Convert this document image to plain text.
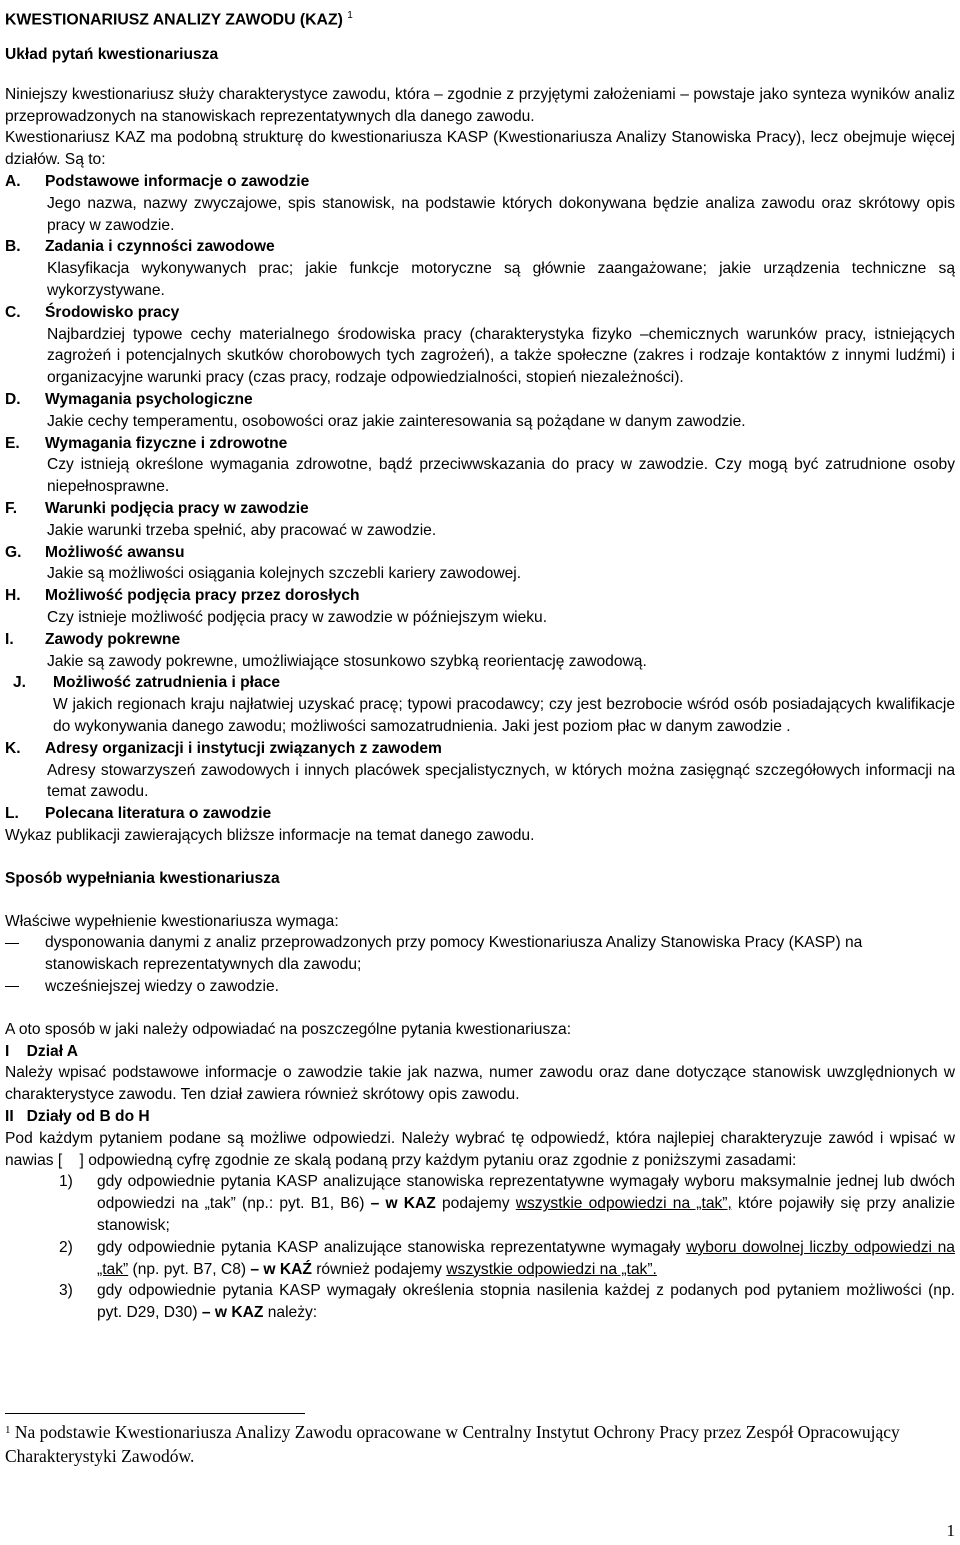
KWESTIONARIUSZ ANALIZY ZAWODU (KAZ) $^1$
Układ pytań kwestionariusza
Niniejszy kwestionariusz służy charakterystyce zawodu, która – zgodnie z przyjętymi założeniami – powstaje jako synteza wyników analiz przeprowadzonych na stanowiskach reprezentatywnych dla danego zawodu.
Kwestionariusz KAZ ma podobną strukturę do kwestionariusza KASP (Kwestionariusza Analizy Stanowiska Pracy), lecz obejmuje więcej działów. Są to:
A.	Podstawowe informacje o zawodzie
Jego nazwa, nazwy zwyczajowe, spis stanowisk, na podstawie których dokonywana będzie analiza zawodu oraz skrótowy opis pracy w zawodzie.
B.	Zadania i czynności zawodowe
Klasyfikacja wykonywanych prac; jakie funkcje motoryczne są głównie zaangażowane; jakie urządzenia techniczne są wykorzystywane.
C.	Środowisko pracy
Najbardziej typowe cechy materialnego środowiska pracy (charakterystyka fizyko –chemicznych warunków pracy, istniejących zagrożeń i potencjalnych skutków chorobowych tych zagrożeń), a także społeczne (zakres i rodzaje kontaktów z innymi ludźmi) i organizacyjne warunki pracy (czas pracy, rodzaje odpowiedzialności, stopień niezależności).
D.	Wymagania psychologiczne
Jakie cechy temperamentu, osobowości oraz jakie zainteresowania są pożądane w danym zawodzie.
E.	Wymagania fizyczne i zdrowotne
Czy istnieją określone wymagania zdrowotne, bądź przeciwwskazania do pracy w zawodzie. Czy mogą być zatrudnione osoby niepełnosprawne.
F.	Warunki podjęcia pracy w zawodzie
Jakie warunki trzeba spełnić, aby pracować w zawodzie.
G.	Możliwość awansu
Jakie są możliwości osiągania kolejnych szczebli kariery zawodowej.
H.	Możliwość podjęcia pracy przez dorosłych
Czy istnieje możliwość podjęcia pracy w zawodzie w późniejszym wieku.
I.	Zawody pokrewne
Jakie są zawody pokrewne, umożliwiające stosunkowo szybką reorientację zawodową.
J.	Możliwość zatrudnienia i płace
W jakich regionach kraju najłatwiej uzyskać pracę; typowi pracodawcy; czy jest bezrobocie wśród osób posiadających kwalifikacje do wykonywania danego zawodu; możliwości samozatrudnienia. Jaki jest poziom płac w danym zawodzie .
K.	Adresy organizacji i instytucji związanych z zawodem
Adresy stowarzyszeń zawodowych i innych placówek specjalistycznych, w których można zasięgnąć szczegółowych informacji na temat zawodu.
L.	Polecana literatura o zawodzie
Wykaz publikacji zawierających bliższe informacje na temat danego zawodu.
Sposób wypełniania kwestionariusza
Właściwe wypełnienie kwestionariusza wymaga:
dysponowania danymi z analiz przeprowadzonych przy pomocy Kwestionariusza Analizy Stanowiska Pracy (KASP) na stanowiskach reprezentatywnych dla zawodu;
wcześniejszej wiedzy o zawodzie.
A oto sposób w jaki należy odpowiadać na poszczególne pytania kwestionariusza:
I    Dział A
Należy wpisać podstawowe informacje o zawodzie takie jak nazwa, numer zawodu oraz dane dotyczące stanowisk uwzględnionych w charakterystyce zawodu. Ten dział zawiera również skrótowy opis zawodu.
II   Działy od B do H
Pod każdym pytaniem podane są możliwe odpowiedzi. Należy wybrać tę odpowiedź, która najlepiej charakteryzuje zawód i wpisać w nawias [    ] odpowiedną cyfrę zgodnie ze skalą podaną przy każdym pytaniu oraz zgodnie z poniższymi zasadami:
1)	gdy odpowiednie pytania KASP analizujące stanowiska reprezentatywne wymagały wyboru maksymalnie jednej lub dwóch odpowiedzi na „tak” (np.: pyt. B1, B6) – w KAZ podajemy wszystkie odpowiedzi na „tak”, które pojawiły się przy analizie stanowisk;
2)	gdy odpowiednie pytania KASP analizujące stanowiska reprezentatywne wymagały wyboru dowolnej liczby odpowiedzi na „tak” (np. pyt. B7, C8) – w KAŹ również podajemy wszystkie odpowiedzi na „tak”.
3)	gdy odpowiednie pytania KASP wymagały określenia stopnia nasilenia każdej z podanych pod pytaniem możliwości (np. pyt. D29, D30) – w KAZ należy:
$^1$ Na podstawie Kwestionariusza Analizy Zawodu opracowane w Centralny Instytut Ochrony Pracy przez Zespół Opracowujący Charakterystyki Zawodów.
1
